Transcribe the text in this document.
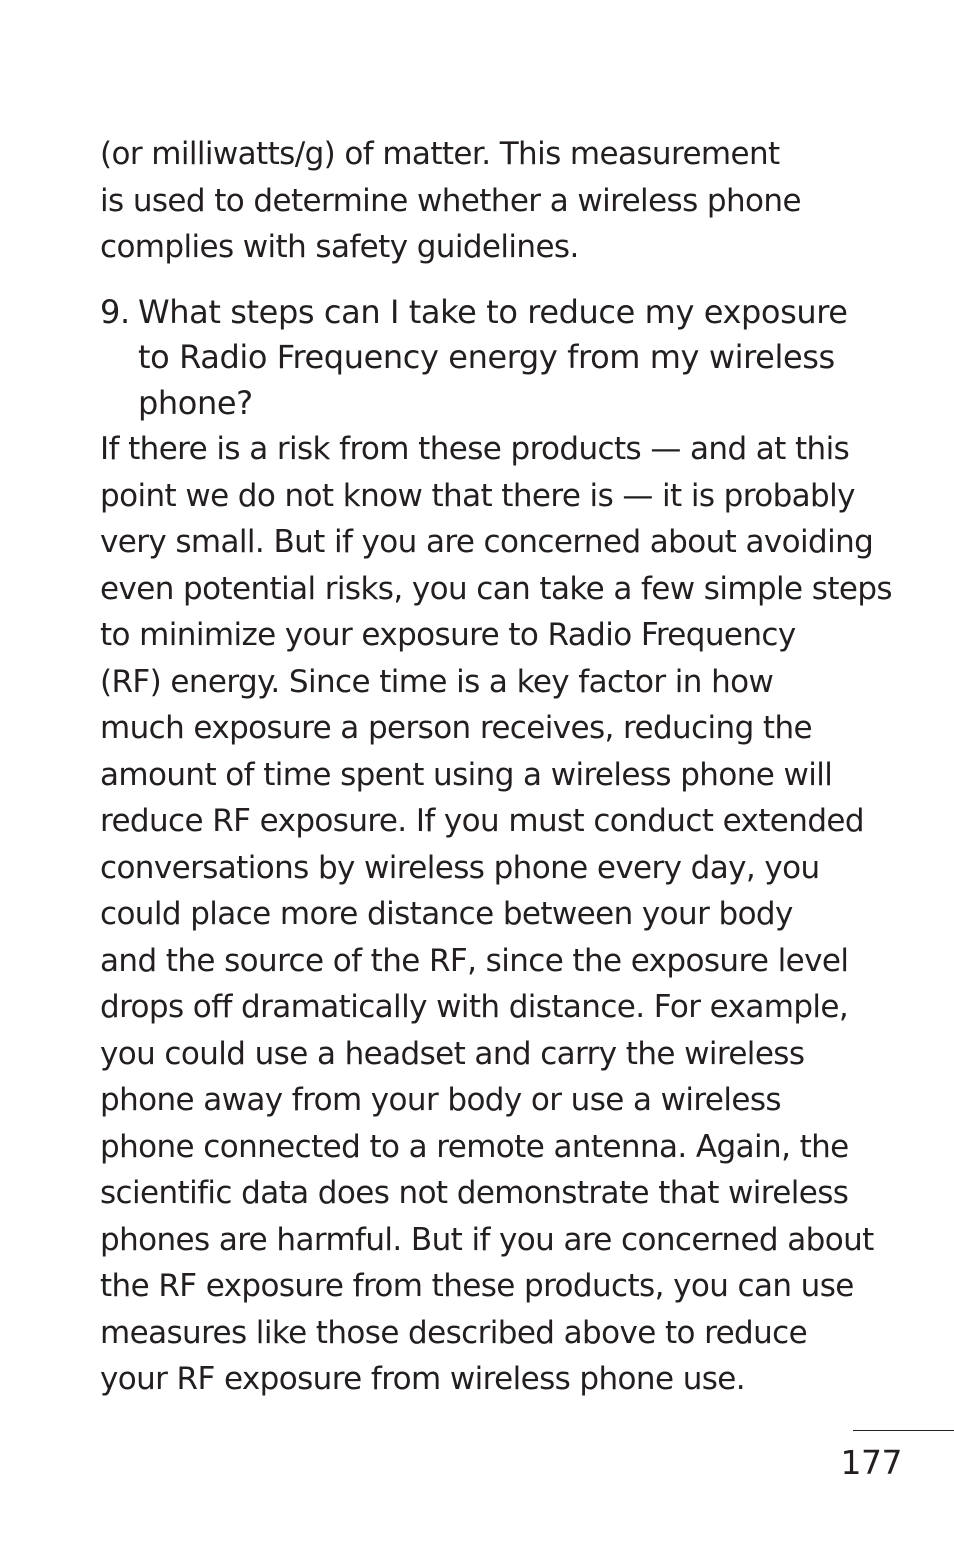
(or milliwatts/g) of matter. This measurement
is used to determine whether a wireless phone
complies with safety guidelines.

9. What steps can I take to reduce my exposure
to Radio Frequency energy from my wireless
phone?

If there is a risk from these products — and at this
point we do not know that there is — it is probably
very small. But if you are concerned about avoiding
even potential risks, you can take a few simple steps
to minimize your exposure to Radio Frequency
(RF) energy. Since time is a key factor in how
much exposure a person receives, reducing the
amount of time spent using a wireless phone will
reduce RF exposure. If you must conduct extended
conversations by wireless phone every day, you
could place more distance between your body
and the source of the RF, since the exposure level
drops off dramatically with distance. For example,
you could use a headset and carry the wireless
phone away from your body or use a wireless
phone connected to a remote antenna. Again, the
scientific data does not demonstrate that wireless
phones are harmful. But if you are concerned about
the RF exposure from these products, you can use
measures like those described above to reduce
your RF exposure from wireless phone use.

177
